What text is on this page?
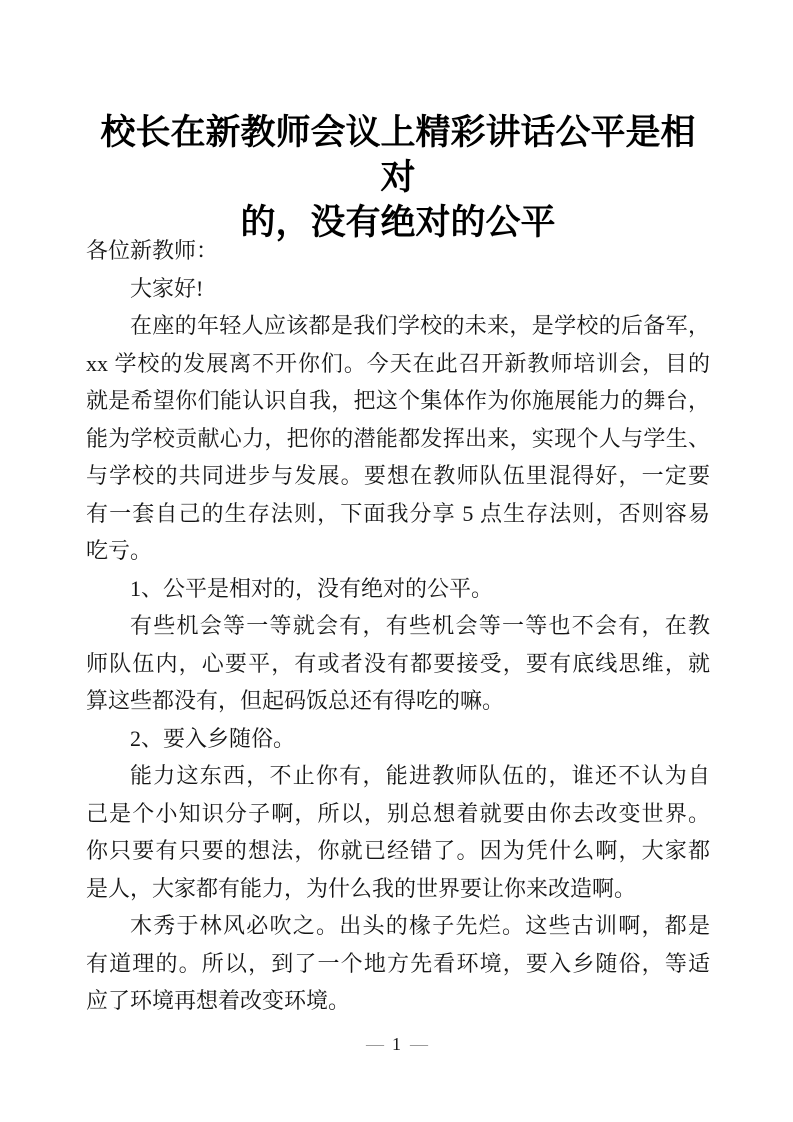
校长在新教师会议上精彩讲话公平是相对
的，没有绝对的公平
各位新教师：
大家好!
在座的年轻人应该都是我们学校的未来，是学校的后备军，
xx 学校的发展离不开你们。今天在此召开新教师培训会，目的
就是希望你们能认识自我，把这个集体作为你施展能力的舞台，
能为学校贡献心力，把你的潜能都发挥出来，实现个人与学生、
与学校的共同进步与发展。要想在教师队伍里混得好，一定要
有一套自己的生存法则，下面我分享 5 点生存法则，否则容易
吃亏。
1、公平是相对的，没有绝对的公平。
有些机会等一等就会有，有些机会等一等也不会有，在教
师队伍内，心要平，有或者没有都要接受，要有底线思维，就
算这些都没有，但起码饭总还有得吃的嘛。
2、要入乡随俗。
能力这东西，不止你有，能进教师队伍的，谁还不认为自
己是个小知识分子啊，所以，别总想着就要由你去改变世界。
你只要有只要的想法，你就已经错了。因为凭什么啊，大家都
是人，大家都有能力，为什么我的世界要让你来改造啊。
木秀于林风必吹之。出头的椽子先烂。这些古训啊，都是
有道理的。所以，到了一个地方先看环境，要入乡随俗，等适
应了环境再想着改变环境。
— 1 —
